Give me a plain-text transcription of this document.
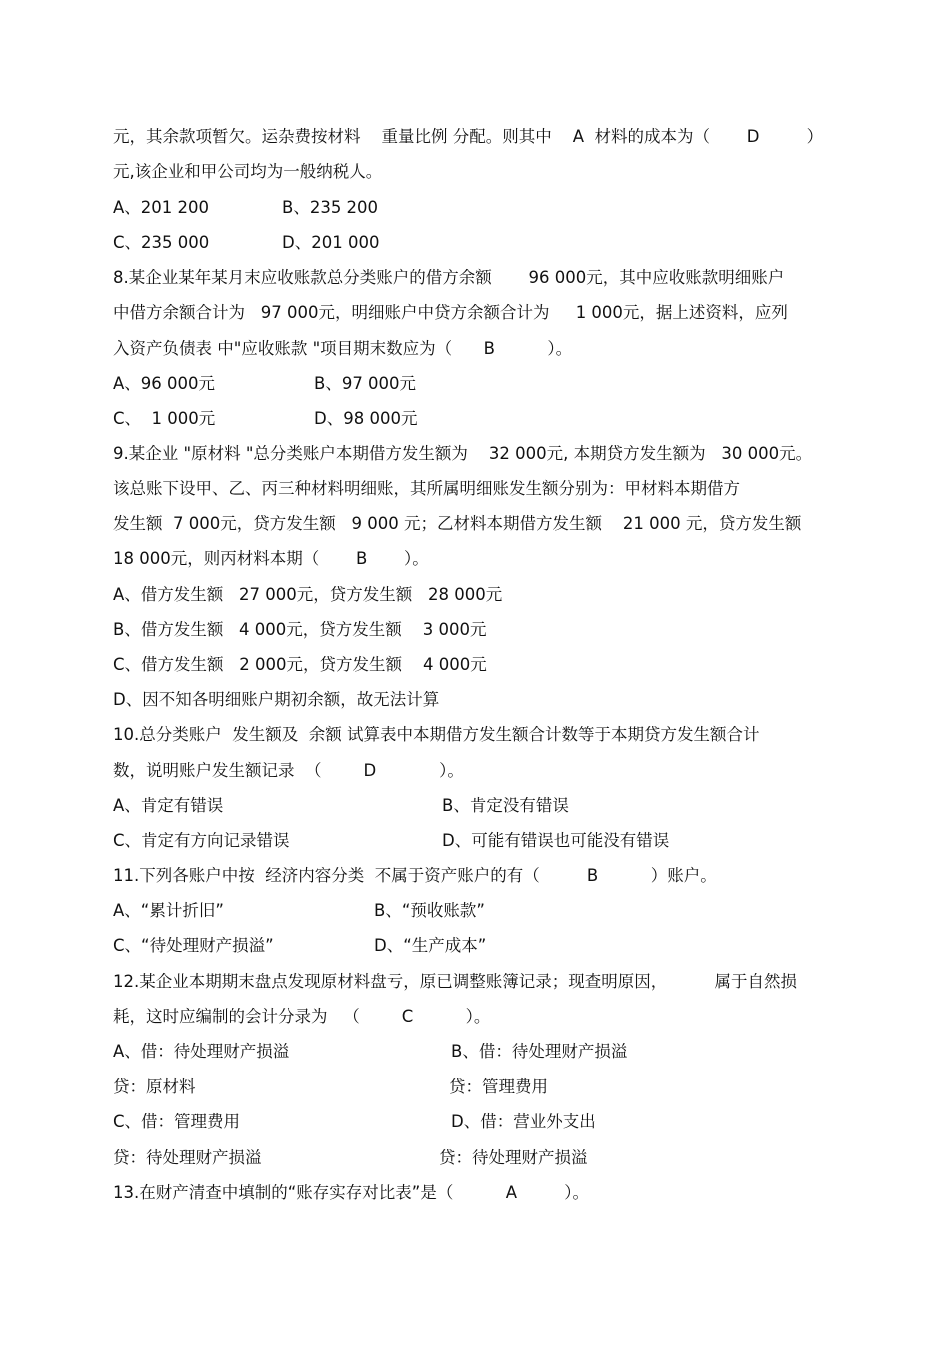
元，其余款项暂欠。运杂费按材料    重量比例 分配。则其中    A  材料的成本为（       D         ）
元,该企业和甲公司均为一般纳税人。
A、201 200	B、235 200
C、235 000	D、201 000
8.某企业某年某月末应收账款总分类账户的借方余额       96 000元，其中应收账款明细账户
中借方余额合计为   97 000元，明细账户中贷方余额合计为     1 000元，据上述资料，应列
入资产负债表 中"应收账款 "项目期末数应为（      B          ）。
A、96 000元	B、97 000元
C、  1 000元	D、98 000元
9.某企业 "原材料 "总分类账户本期借方发生额为    32 000元, 本期贷方发生额为   30 000元。
该总账下设甲、乙、丙三种材料明细账，其所属明细账发生额分别为：甲材料本期借方
发生额  7 000元，贷方发生额   9 000 元；乙材料本期借方发生额    21 000 元，贷方发生额
18 000元，则丙材料本期（       B       ）。
A、借方发生额   27 000元，贷方发生额   28 000元
B、借方发生额   4 000元，贷方发生额    3 000元
C、借方发生额   2 000元，贷方发生额    4 000元
D、因不知各明细账户期初余额，故无法计算
10.总分类账户  发生额及  余额 试算表中本期借方发生额合计数等于本期贷方发生额合计
数，说明账户发生额记录  （        D            ）。
A、肯定有错误	B、肯定没有错误
C、肯定有方向记录错误	D、可能有错误也可能没有错误
11.下列各账户中按  经济内容分类  不属于资产账户的有（         B          ）账户。
A、“累计折旧”	B、“预收账款”
C、“待处理财产损溢”	D、“生产成本”
12.某企业本期期末盘点发现原材料盘亏，原已调整账簿记录；现查明原因，         属于自然损
耗，这时应编制的会计分录为   （        C          ）。
A、借：待处理财产损溢	B、借：待处理财产损溢
贷：原材料	贷：管理费用
C、借：管理费用	D、借：营业外支出
贷：待处理财产损溢	贷：待处理财产损溢
13.在财产清查中填制的“账存实存对比表”是（          A         ）。
